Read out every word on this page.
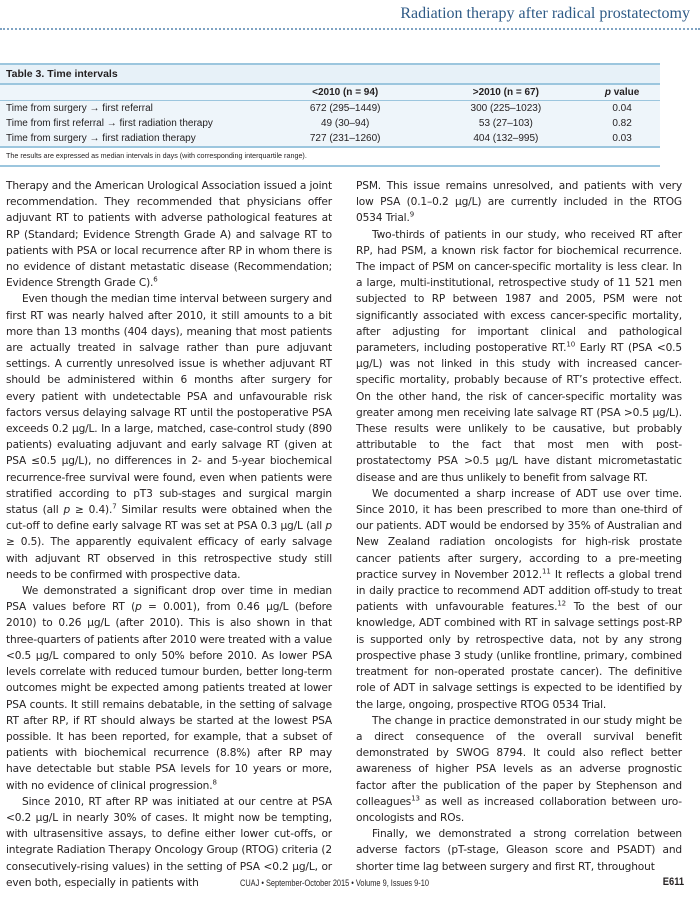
Radiation therapy after radical prostatectomy
Table 3. Time intervals
	<2010 (n = 94)	>2010 (n = 67)	p value
Time from surgery → first referral	672 (295–1449)	300 (225–1023)	0.04
Time from first referral → first radiation therapy	49 (30–94)	53 (27–103)	0.82
Time from surgery → first radiation therapy	727 (231–1260)	404 (132–995)	0.03
The results are expressed as median intervals in days (with corresponding interquartile range).

Therapy and the American Urological Association issued a joint recommendation. They recommended that physicians offer adjuvant RT to patients with adverse pathological features at RP (Standard; Evidence Strength Grade A) and salvage RT to patients with PSA or local recurrence after RP in whom there is no evidence of distant metastatic disease (Recommendation; Evidence Strength Grade C).$^6$

Even though the median time interval between surgery and first RT was nearly halved after 2010, it still amounts to a bit more than 13 months (404 days), meaning that most patients are actually treated in salvage rather than pure adjuvant settings. A currently unresolved issue is whether adjuvant RT should be administered within 6 months after surgery for every patient with undetectable PSA and unfavourable risk factors versus delaying salvage RT until the postoperative PSA exceeds 0.2 µg/L. In a large, matched, case-control study (890 patients) evaluating adjuvant and early salvage RT (given at PSA ≤0.5 µg/L), no differences in 2- and 5-year biochemical recurrence-free survival were found, even when patients were stratified according to pT3 sub-stages and surgical margin status (all p ≥ 0.4).$^7$ Similar results were obtained when the cut-off to define early salvage RT was set at PSA 0.3 µg/L (all p ≥ 0.5). The apparently equivalent efficacy of early salvage with adjuvant RT observed in this retrospective study still needs to be confirmed with prospective data.

We demonstrated a significant drop over time in median PSA values before RT (p = 0.001), from 0.46 µg/L (before 2010) to 0.26 µg/L (after 2010). This is also shown in that three-quarters of patients after 2010 were treated with a value <0.5 µg/L compared to only 50% before 2010. As lower PSA levels correlate with reduced tumour burden, better long-term outcomes might be expected among patients treated at lower PSA counts. It still remains debatable, in the setting of salvage RT after RP, if RT should always be started at the lowest PSA possible. It has been reported, for example, that a subset of patients with biochemical recurrence (8.8%) after RP may have detectable but stable PSA levels for 10 years or more, with no evidence of clinical progression.$^8$

Since 2010, RT after RP was initiated at our centre at PSA <0.2 µg/L in nearly 30% of cases. It might now be tempting, with ultrasensitive assays, to define either lower cut-offs, or integrate Radiation Therapy Oncology Group (RTOG) criteria (2 consecutively-rising values) in the setting of PSA <0.2 µg/L, or even both, especially in patients with

PSM. This issue remains unresolved, and patients with very low PSA (0.1–0.2 µg/L) are currently included in the RTOG 0534 Trial.$^9$

Two-thirds of patients in our study, who received RT after RP, had PSM, a known risk factor for biochemical recurrence. The impact of PSM on cancer-specific mortality is less clear. In a large, multi-institutional, retrospective study of 11 521 men subjected to RP between 1987 and 2005, PSM were not significantly associated with excess cancer-specific mortality, after adjusting for important clinical and pathological parameters, including postoperative RT.$^{10}$ Early RT (PSA <0.5 µg/L) was not linked in this study with increased cancer-specific mortality, probably because of RT’s protective effect. On the other hand, the risk of cancer-specific mortality was greater among men receiving late salvage RT (PSA >0.5 µg/L). These results were unlikely to be causative, but probably attributable to the fact that most men with post-prostatectomy PSA >0.5 µg/L have distant micrometastatic disease and are thus unlikely to benefit from salvage RT.

We documented a sharp increase of ADT use over time. Since 2010, it has been prescribed to more than one-third of our patients. ADT would be endorsed by 35% of Australian and New Zealand radiation oncologists for high-risk prostate cancer patients after surgery, according to a pre-meeting practice survey in November 2012.11 It reflects a global trend in daily practice to recommend ADT addition off-study to treat patients with unfavourable features.$^{12}$ To the best of our knowledge, ADT combined with RT in salvage settings post-RP is supported only by retrospective data, not by any strong prospective phase 3 study (unlike frontline, primary, combined treatment for non-operated prostate cancer). The definitive role of ADT in salvage settings is expected to be identified by the large, ongoing, prospective RTOG 0534 Trial.

The change in practice demonstrated in our study might be a direct consequence of the overall survival benefit demonstrated by SWOG 8794. It could also reflect better awareness of higher PSA levels as an adverse prognostic factor after the publication of the paper by Stephenson and colleagues$^{13}$ as well as increased collaboration between uro-oncologists and ROs.

Finally, we demonstrated a strong correlation between adverse factors (pT-stage, Gleason score and PSADT) and shorter time lag between surgery and first RT, throughout

CUAJ • September-October 2015 • Volume 9, Issues 9-10	E611
